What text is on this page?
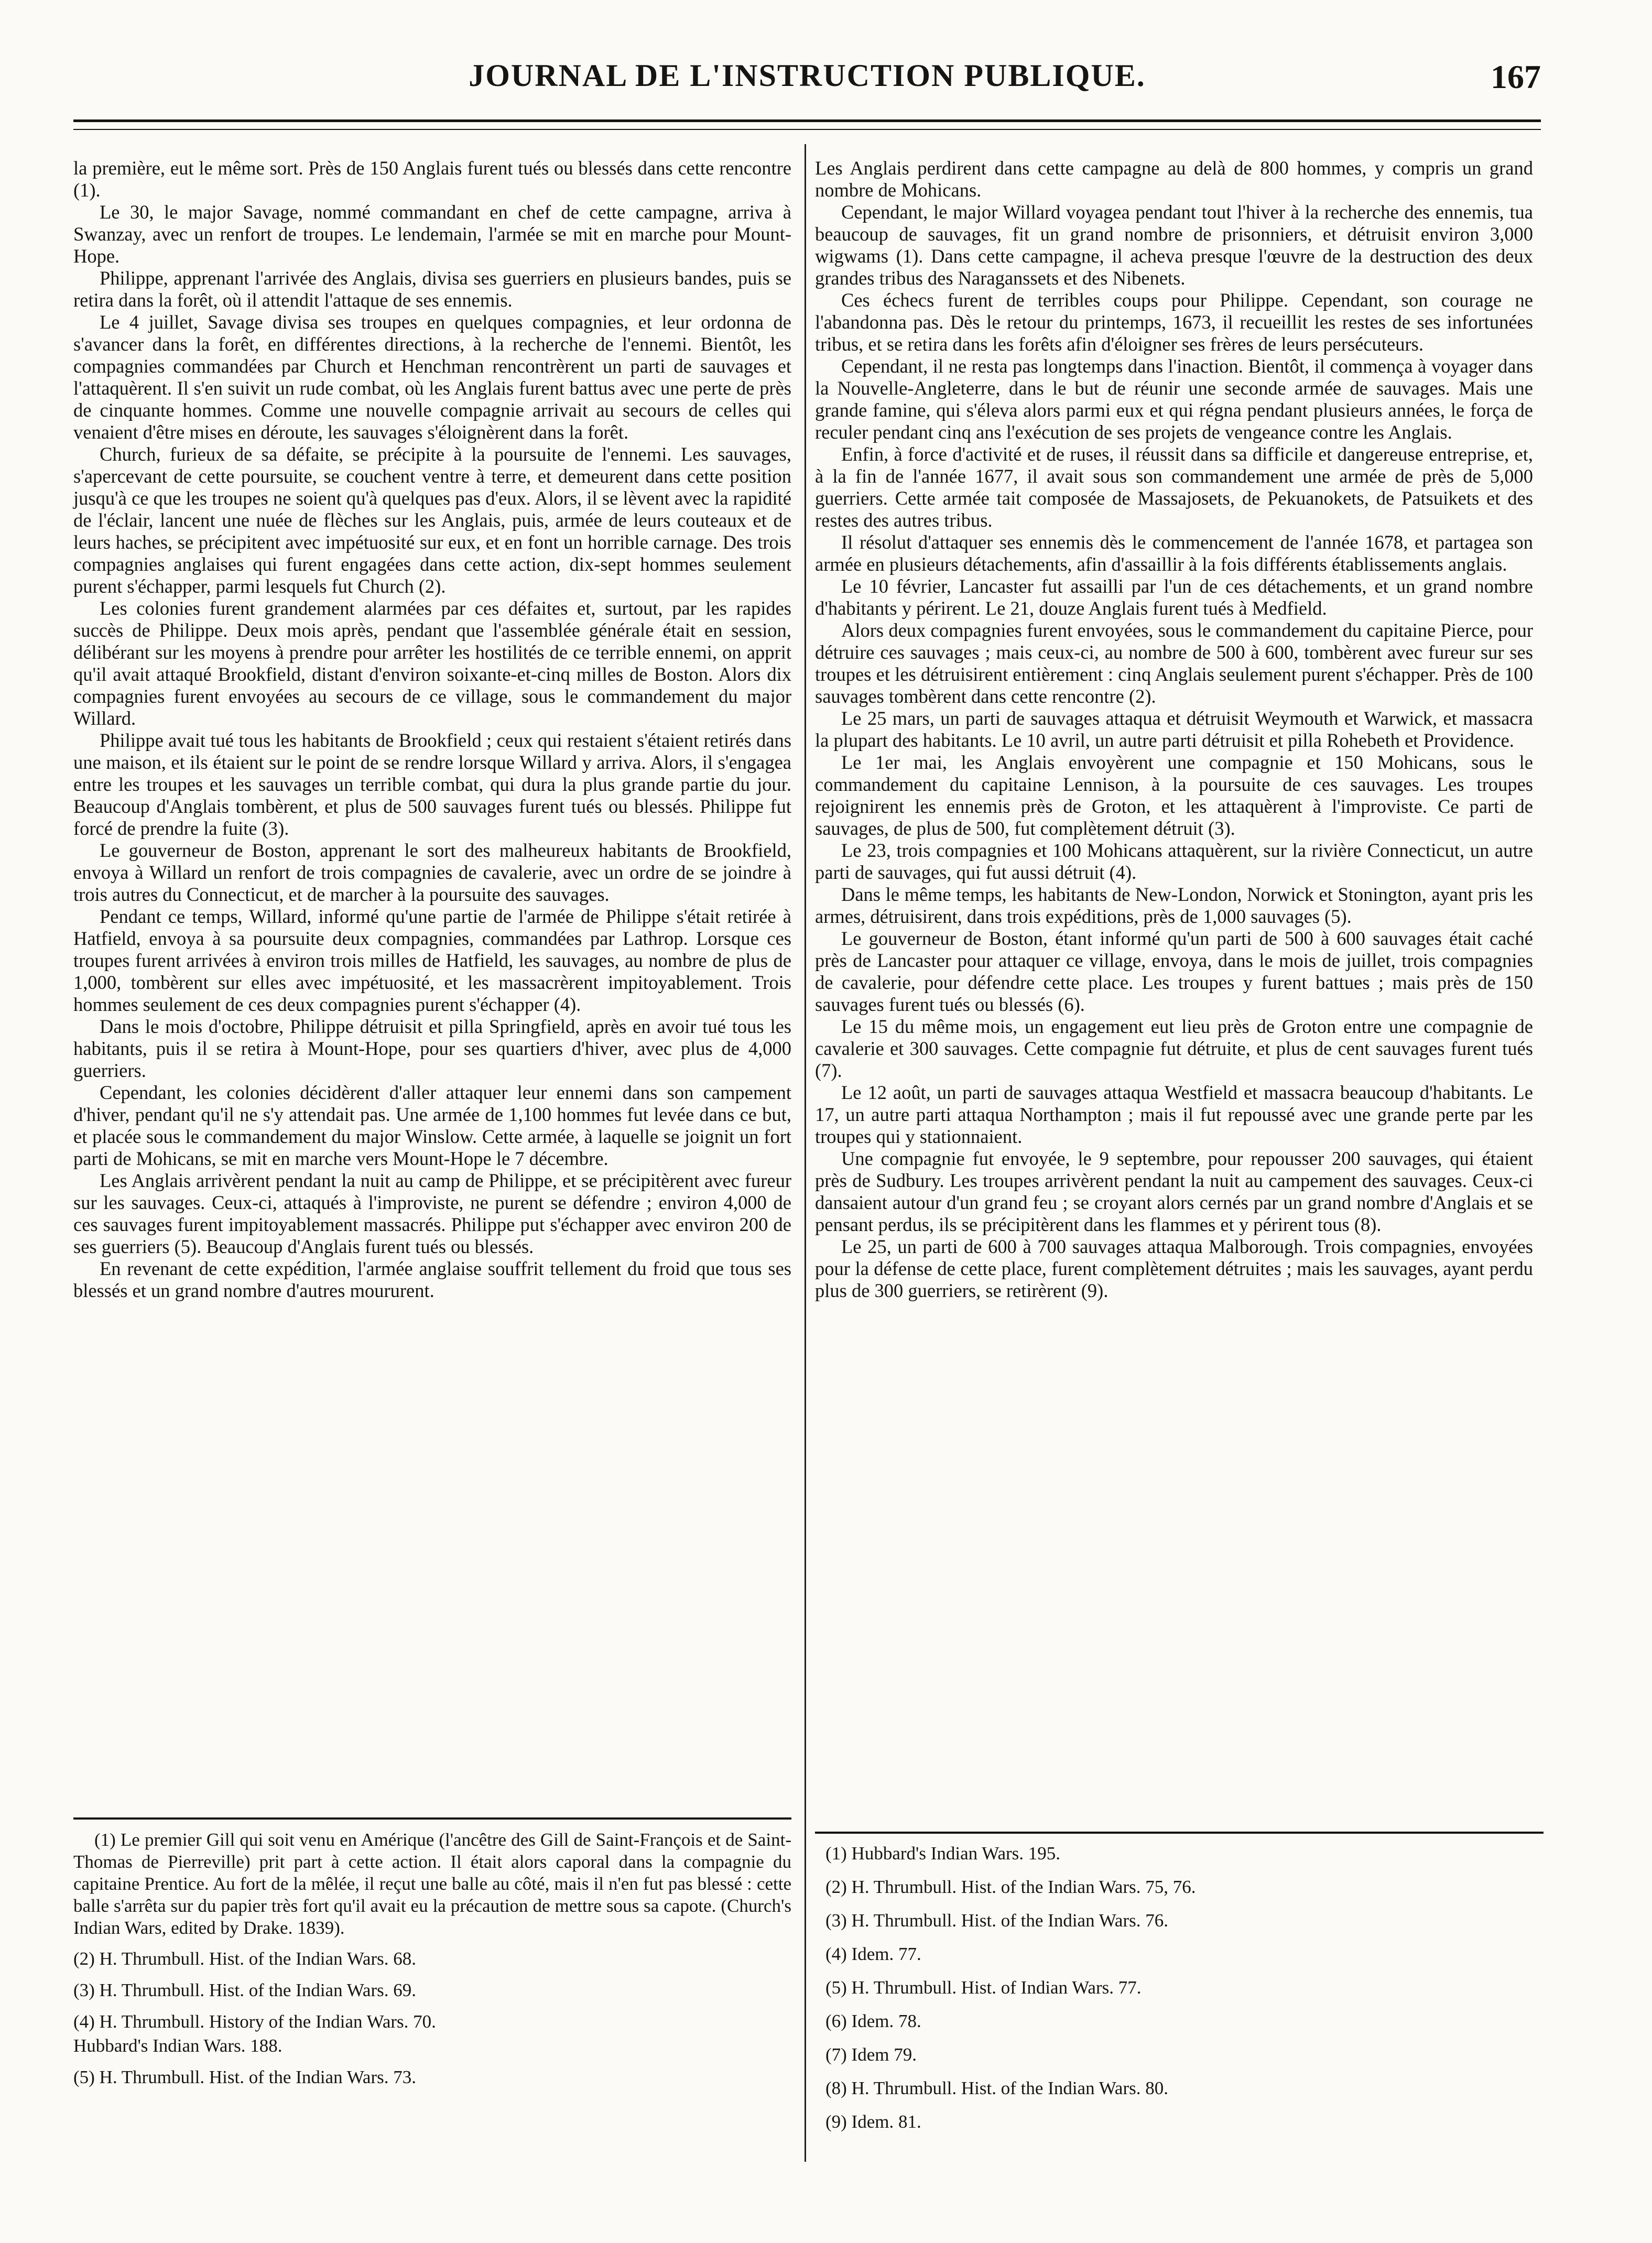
JOURNAL DE L'INSTRUCTION PUBLIQUE.	167

la première, eut le même sort. Près de 150 Anglais furent tués ou blessés dans cette rencontre (1).

Le 30, le major Savage, nommé commandant en chef de cette campagne, arriva à Swanzay, avec un renfort de troupes. Le lendemain, l'armée se mit en marche pour Mount-Hope.

Philippe, apprenant l'arrivée des Anglais, divisa ses guerriers en plusieurs bandes, puis se retira dans la forêt, où il attendit l'attaque de ses ennemis.

Le 4 juillet, Savage divisa ses troupes en quelques compagnies, et leur ordonna de s'avancer dans la forêt, en différentes directions, à la recherche de l'ennemi. Bientôt, les compagnies commandées par Church et Henchman rencontrèrent un parti de sauvages et l'attaquèrent. Il s'en suivit un rude combat, où les Anglais furent battus avec une perte de près de cinquante hommes. Comme une nouvelle compagnie arrivait au secours de celles qui venaient d'être mises en déroute, les sauvages s'éloignèrent dans la forêt.

Church, furieux de sa défaite, se précipite à la poursuite de l'ennemi. Les sauvages, s'apercevant de cette poursuite, se couchent ventre à terre, et demeurent dans cette position jusqu'à ce que les troupes ne soient qu'à quelques pas d'eux. Alors, il se lèvent avec la rapidité de l'éclair, lancent une nuée de flèches sur les Anglais, puis, armée de leurs couteaux et de leurs haches, se précipitent avec impétuosité sur eux, et en font un horrible carnage. Des trois compagnies anglaises qui furent engagées dans cette action, dix-sept hommes seulement purent s'échapper, parmi lesquels fut Church (2).

Les colonies furent grandement alarmées par ces défaites et, surtout, par les rapides succès de Philippe. Deux mois après, pendant que l'assemblée générale était en session, délibérant sur les moyens à prendre pour arrêter les hostilités de ce terrible ennemi, on apprit qu'il avait attaqué Brookfield, distant d'environ soixante-et-cinq milles de Boston. Alors dix compagnies furent envoyées au secours de ce village, sous le commandement du major Willard.

Philippe avait tué tous les habitants de Brookfield ; ceux qui restaient s'étaient retirés dans une maison, et ils étaient sur le point de se rendre lorsque Willard y arriva. Alors, il s'engagea entre les troupes et les sauvages un terrible combat, qui dura la plus grande partie du jour. Beaucoup d'Anglais tombèrent, et plus de 500 sauvages furent tués ou blessés. Philippe fut forcé de prendre la fuite (3).

Le gouverneur de Boston, apprenant le sort des malheureux habitants de Brookfield, envoya à Willard un renfort de trois compagnies de cavalerie, avec un ordre de se joindre à trois autres du Connecticut, et de marcher à la poursuite des sauvages.

Pendant ce temps, Willard, informé qu'une partie de l'armée de Philippe s'était retirée à Hatfield, envoya à sa poursuite deux compagnies, commandées par Lathrop. Lorsque ces troupes furent arrivées à environ trois milles de Hatfield, les sauvages, au nombre de plus de 1,000, tombèrent sur elles avec impétuosité, et les massacrèrent impitoyablement. Trois hommes seulement de ces deux compagnies purent s'échapper (4).

Dans le mois d'octobre, Philippe détruisit et pilla Springfield, après en avoir tué tous les habitants, puis il se retira à Mount-Hope, pour ses quartiers d'hiver, avec plus de 4,000 guerriers.

Cependant, les colonies décidèrent d'aller attaquer leur ennemi dans son campement d'hiver, pendant qu'il ne s'y attendait pas. Une armée de 1,100 hommes fut levée dans ce but, et placée sous le commandement du major Winslow. Cette armée, à laquelle se joignit un fort parti de Mohicans, se mit en marche vers Mount-Hope le 7 décembre.

Les Anglais arrivèrent pendant la nuit au camp de Philippe, et se précipitèrent avec fureur sur les sauvages. Ceux-ci, attaqués à l'improviste, ne purent se défendre ; environ 4,000 de ces sauvages furent impitoyablement massacrés. Philippe put s'échapper avec environ 200 de ses guerriers (5). Beaucoup d'Anglais furent tués ou blessés.

En revenant de cette expédition, l'armée anglaise souffrit tellement du froid que tous ses blessés et un grand nombre d'autres moururent.

Les Anglais perdirent dans cette campagne au delà de 800 hommes, y compris un grand nombre de Mohicans.

Cependant, le major Willard voyagea pendant tout l'hiver à la recherche des ennemis, tua beaucoup de sauvages, fit un grand nombre de prisonniers, et détruisit environ 3,000 wigwams (1). Dans cette campagne, il acheva presque l'œuvre de la destruction des deux grandes tribus des Naraganssets et des Nibenets.

Ces échecs furent de terribles coups pour Philippe. Cependant, son courage ne l'abandonna pas. Dès le retour du printemps, 1673, il recueillit les restes de ses infortunées tribus, et se retira dans les forêts afin d'éloigner ses frères de leurs persécuteurs.

Cependant, il ne resta pas longtemps dans l'inaction. Bientôt, il commença à voyager dans la Nouvelle-Angleterre, dans le but de réunir une seconde armée de sauvages. Mais une grande famine, qui s'éleva alors parmi eux et qui régna pendant plusieurs années, le força de reculer pendant cinq ans l'exécution de ses projets de vengeance contre les Anglais.

Enfin, à force d'activité et de ruses, il réussit dans sa difficile et dangereuse entreprise, et, à la fin de l'année 1677, il avait sous son commandement une armée de près de 5,000 guerriers. Cette armée tait composée de Massajosets, de Pekuanokets, de Patsuikets et des restes des autres tribus.

Il résolut d'attaquer ses ennemis dès le commencement de l'année 1678, et partagea son armée en plusieurs détachements, afin d'assaillir à la fois différents établissements anglais.

Le 10 février, Lancaster fut assailli par l'un de ces détachements, et un grand nombre d'habitants y périrent. Le 21, douze Anglais furent tués à Medfield.

Alors deux compagnies furent envoyées, sous le commandement du capitaine Pierce, pour détruire ces sauvages ; mais ceux-ci, au nombre de 500 à 600, tombèrent avec fureur sur ses troupes et les détruisirent entièrement : cinq Anglais seulement purent s'échapper. Près de 100 sauvages tombèrent dans cette rencontre (2).

Le 25 mars, un parti de sauvages attaqua et détruisit Weymouth et Warwick, et massacra la plupart des habitants. Le 10 avril, un autre parti détruisit et pilla Rohebeth et Providence.

Le 1er mai, les Anglais envoyèrent une compagnie et 150 Mohicans, sous le commandement du capitaine Lennison, à la poursuite de ces sauvages. Les troupes rejoignirent les ennemis près de Groton, et les attaquèrent à l'improviste. Ce parti de sauvages, de plus de 500, fut complètement détruit (3).

Le 23, trois compagnies et 100 Mohicans attaquèrent, sur la rivière Connecticut, un autre parti de sauvages, qui fut aussi détruit (4).

Dans le même temps, les habitants de New-London, Norwick et Stonington, ayant pris les armes, détruisirent, dans trois expéditions, près de 1,000 sauvages (5).

Le gouverneur de Boston, étant informé qu'un parti de 500 à 600 sauvages était caché près de Lancaster pour attaquer ce village, envoya, dans le mois de juillet, trois compagnies de cavalerie, pour défendre cette place. Les troupes y furent battues ; mais près de 150 sauvages furent tués ou blessés (6).

Le 15 du même mois, un engagement eut lieu près de Groton entre une compagnie de cavalerie et 300 sauvages. Cette compagnie fut détruite, et plus de cent sauvages furent tués (7).

Le 12 août, un parti de sauvages attaqua Westfield et massacra beaucoup d'habitants. Le 17, un autre parti attaqua Northampton ; mais il fut repoussé avec une grande perte par les troupes qui y stationnaient.

Une compagnie fut envoyée, le 9 septembre, pour repousser 200 sauvages, qui étaient près de Sudbury. Les troupes arrivèrent pendant la nuit au campement des sauvages. Ceux-ci dansaient autour d'un grand feu ; se croyant alors cernés par un grand nombre d'Anglais et se pensant perdus, ils se précipitèrent dans les flammes et y périrent tous (8).

Le 25, un parti de 600 à 700 sauvages attaqua Malborough. Trois compagnies, envoyées pour la défense de cette place, furent complètement détruites ; mais les sauvages, ayant perdu plus de 300 guerriers, se retirèrent (9).

(1) Le premier Gill qui soit venu en Amérique (l'ancêtre des Gill de Saint-François et de Saint-Thomas de Pierreville) prit part à cette action. Il était alors caporal dans la compagnie du capitaine Prentice. Au fort de la mêlée, il reçut une balle au côté, mais il n'en fut pas blessé : cette balle s'arrêta sur du papier très fort qu'il avait eu la précaution de mettre sous sa capote. (Church's Indian Wars, edited by Drake. 1839).
(2) H. Thrumbull. Hist. of the Indian Wars. 68.
(3) H. Thrumbull. Hist. of the Indian Wars. 69.
(4) H. Thrumbull. History of the Indian Wars. 70.
Hubbard's Indian Wars. 188.
(5) H. Thrumbull. Hist. of the Indian Wars. 73.
(1) Hubbard's Indian Wars. 195.
(2) H. Thrumbull. Hist. of the Indian Wars. 75, 76.
(3) H. Thrumbull. Hist. of the Indian Wars. 76.
(4) Idem. 77.
(5) H. Thrumbull. Hist. of Indian Wars. 77.
(6) Idem. 78.
(7) Idem 79.
(8) H. Thrumbull. Hist. of the Indian Wars. 80.
(9) Idem. 81.
